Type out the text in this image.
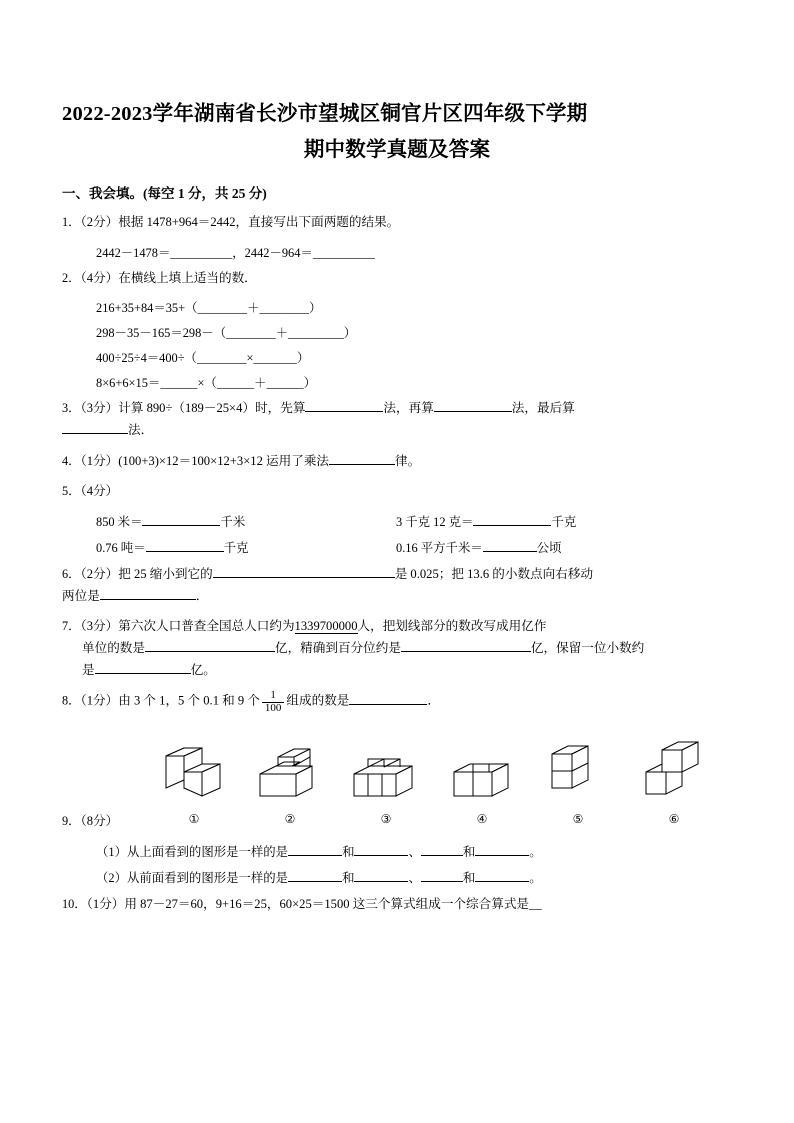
2022-2023学年湖南省长沙市望城区铜官片区四年级下学期
期中数学真题及答案
一、我会填。(每空 1 分，共 25 分)
1．（2分）根据 1478+964＝2442，直接写出下面两题的结果。
2442－1478＝__________，2442－964＝__________
2．（4分）在横线上填上适当的数．
216+35+84＝35+（________＋________）
298－35－165＝298－（________＋_________）
400÷25÷4＝400÷（________×_______）
8×6+6×15＝______×（______＋______）
3．（3分）计算 890÷（189－25×4）时，先算	法，再算	法，最后算
法．
4．（1分）(100+3)×12＝100×12+3×12 运用了乘法	律。
5．（4分）
850 米＝	千米	3 千克 12 克＝	千克
0.76 吨＝	千克	0.16 平方千米＝	公顷
6．（2分）把 25 缩小到它的	是 0.025；把 13.6 的小数点向右移动
两位是	．
7．（3分）第六次人口普查全国总人口约为1339700000人，把划线部分的数改写成用亿作
单位的数是	亿，精确到百分位约是	亿，保留一位小数约
是	亿。
8．（1分）由 3 个 1，5 个 0.1 和 9 个 $\frac{1}{100}$ 组成的数是	．
①	②	③	④	⑤	⑥
9．（8分）
（1）从上面看到的图形是一样的是	和	、	和	。
（2）从前面看到的图形是一样的是	和	、	和	。
10．（1分）用 87－27＝60，9+16＝25，60×25＝1500 这三个算式组成一个综合算式是__
